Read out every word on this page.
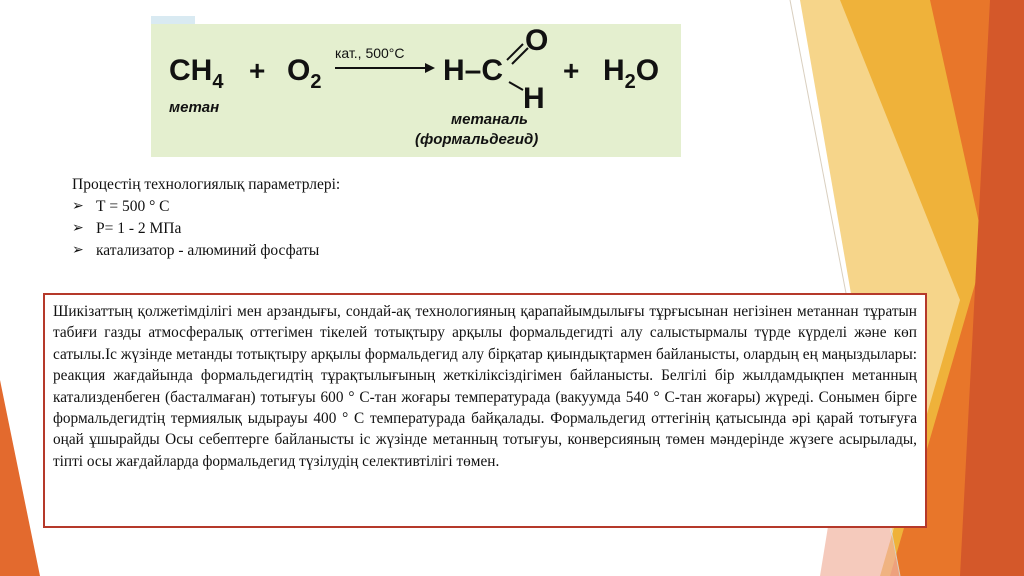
$CH_4 + O_2$
кат., 500°С
H–C
O
H
+ $H_2O$
метан
метаналь
(формальдегид)
Процестің технологиялық параметрлері:
➢ Т = 500 ° С
➢ Р= 1 - 2 МПа
➢ катализатор - алюминий фосфаты

Шикізаттың қолжетімділігі мен арзандығы, сондай-ақ технологияның қарапайымдылығы тұрғысынан негізінен метаннан тұратын табиғи газды атмосфералық оттегімен тікелей тотықтыру арқылы формальдегидті алу салыстырмалы түрде күрделі және көп сатылы.Іс жүзінде метанды тотықтыру арқылы формальдегид алу бірқатар қиындықтармен байланысты, олардың ең маңыздылары: реакция жағдайында формальдегидтің тұрақтылығының жеткіліксіздігімен байланысты. Белгілі бір жылдамдықпен метанның катализденбеген (басталмаған) тотығуы 600 ° С-тан жоғары температурада (вакуумда 540 ° С-тан жоғары) жүреді. Сонымен бірге формальдегидтің термиялық ыдырауы 400 ° С температурада байқалады. Формальдегид оттегінің қатысында әрі қарай тотығуға оңай ұшырайды Осы себептерге байланысты іс жүзінде метанның тотығуы, конверсияның төмен мәндерінде жүзеге асырылады, тіпті осы жағдайларда формальдегид түзілудің селективтілігі төмен.
